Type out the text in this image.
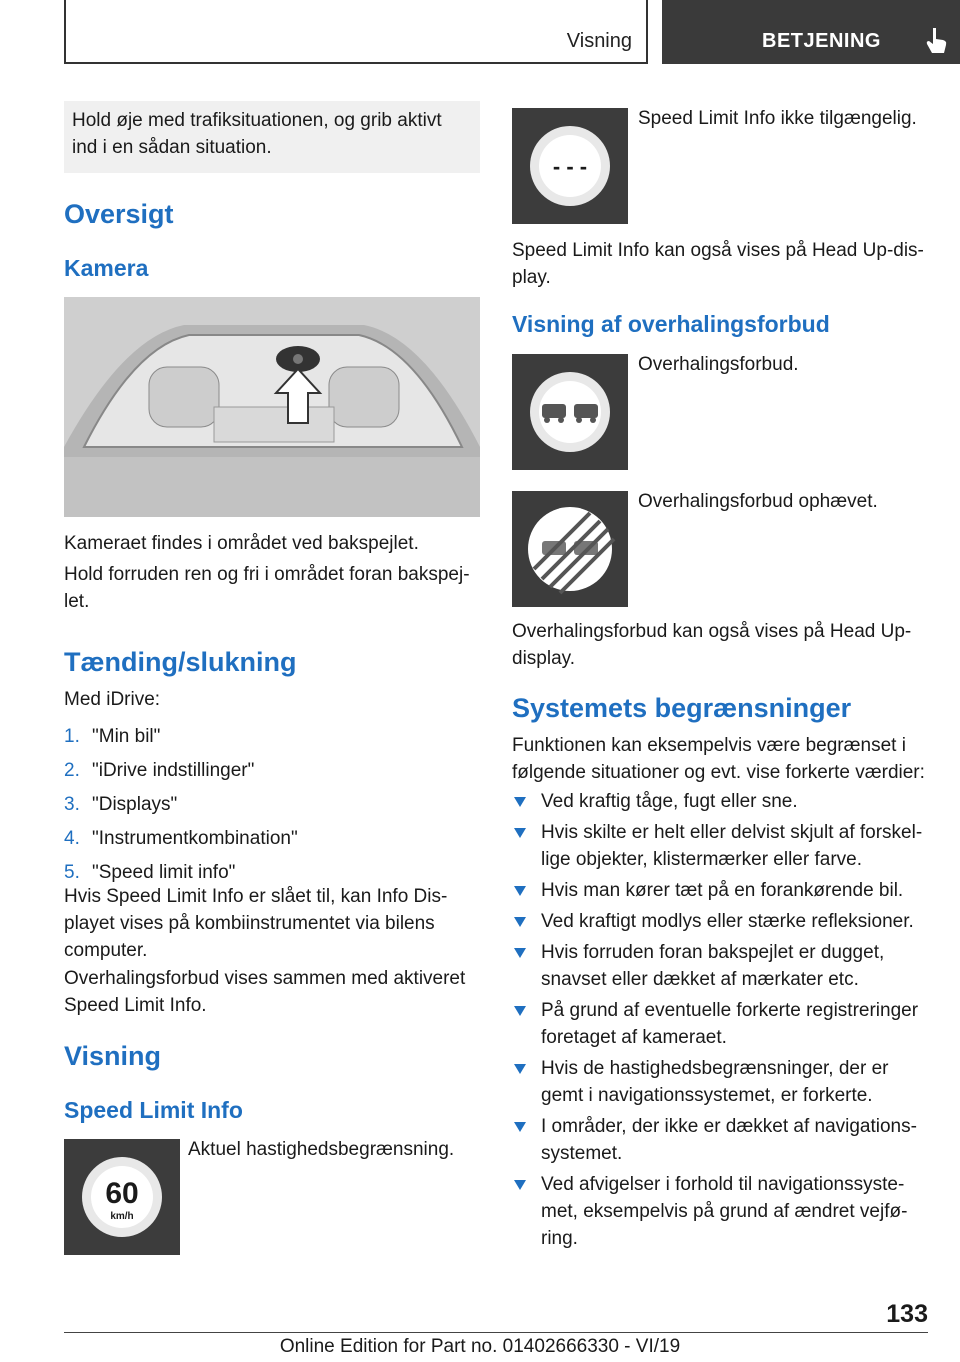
Visning	BETJENING
Hold øje med trafiksituationen, og grib aktivt ind i en sådan situation.
Oversigt
Kamera

Kameraet findes i området ved bakspejlet.

Hold forruden ren og fri i området foran bakspej‐let.

Tænding/slukning

Med iDrive:

1. "Min bil"
2. "iDrive indstillinger"
3. "Displays"
4. "Instrumentkombination"
5. "Speed limit info"

Hvis Speed Limit Info er slået til, kan Info Dis‐playet vises på kombiinstrumentet via bilens computer.

Overhalingsforbud vises sammen med aktiveret Speed Limit Info.

Visning
Speed Limit Info
60
km/h

Aktuel hastighedsbegrænsning.

- - -

Speed Limit Info ikke tilgængelig.

Speed Limit Info kan også vises på Head Up-dis‐play.

Visning af overhalingsforbud

Overhalingsforbud.

Overhalingsforbud ophævet.

Overhalingsforbud kan også vises på Head Up-display.

Systemets begrænsninger

Funktionen kan eksempelvis være begrænset i følgende situationer og evt. vise forkerte værdier:

Ved kraftig tåge, fugt eller sne.
Hvis skilte er helt eller delvist skjult af forskel‐lige objekter, klistermærker eller farve.
Hvis man kører tæt på en forankørende bil.
Ved kraftigt modlys eller stærke refleksioner.
Hvis forruden foran bakspejlet er dugget, snavset eller dækket af mærkater etc.
På grund af eventuelle forkerte registreringer foretaget af kameraet.
Hvis de hastighedsbegrænsninger, der er gemt i navigationssystemet, er forkerte.
I områder, der ikke er dækket af navigations‐systemet.
Ved afvigelser i forhold til navigationssyste‐met, eksempelvis på grund af ændret vejfø‐ring.
133
Online Edition for Part no. 01402666330 - VI/19
